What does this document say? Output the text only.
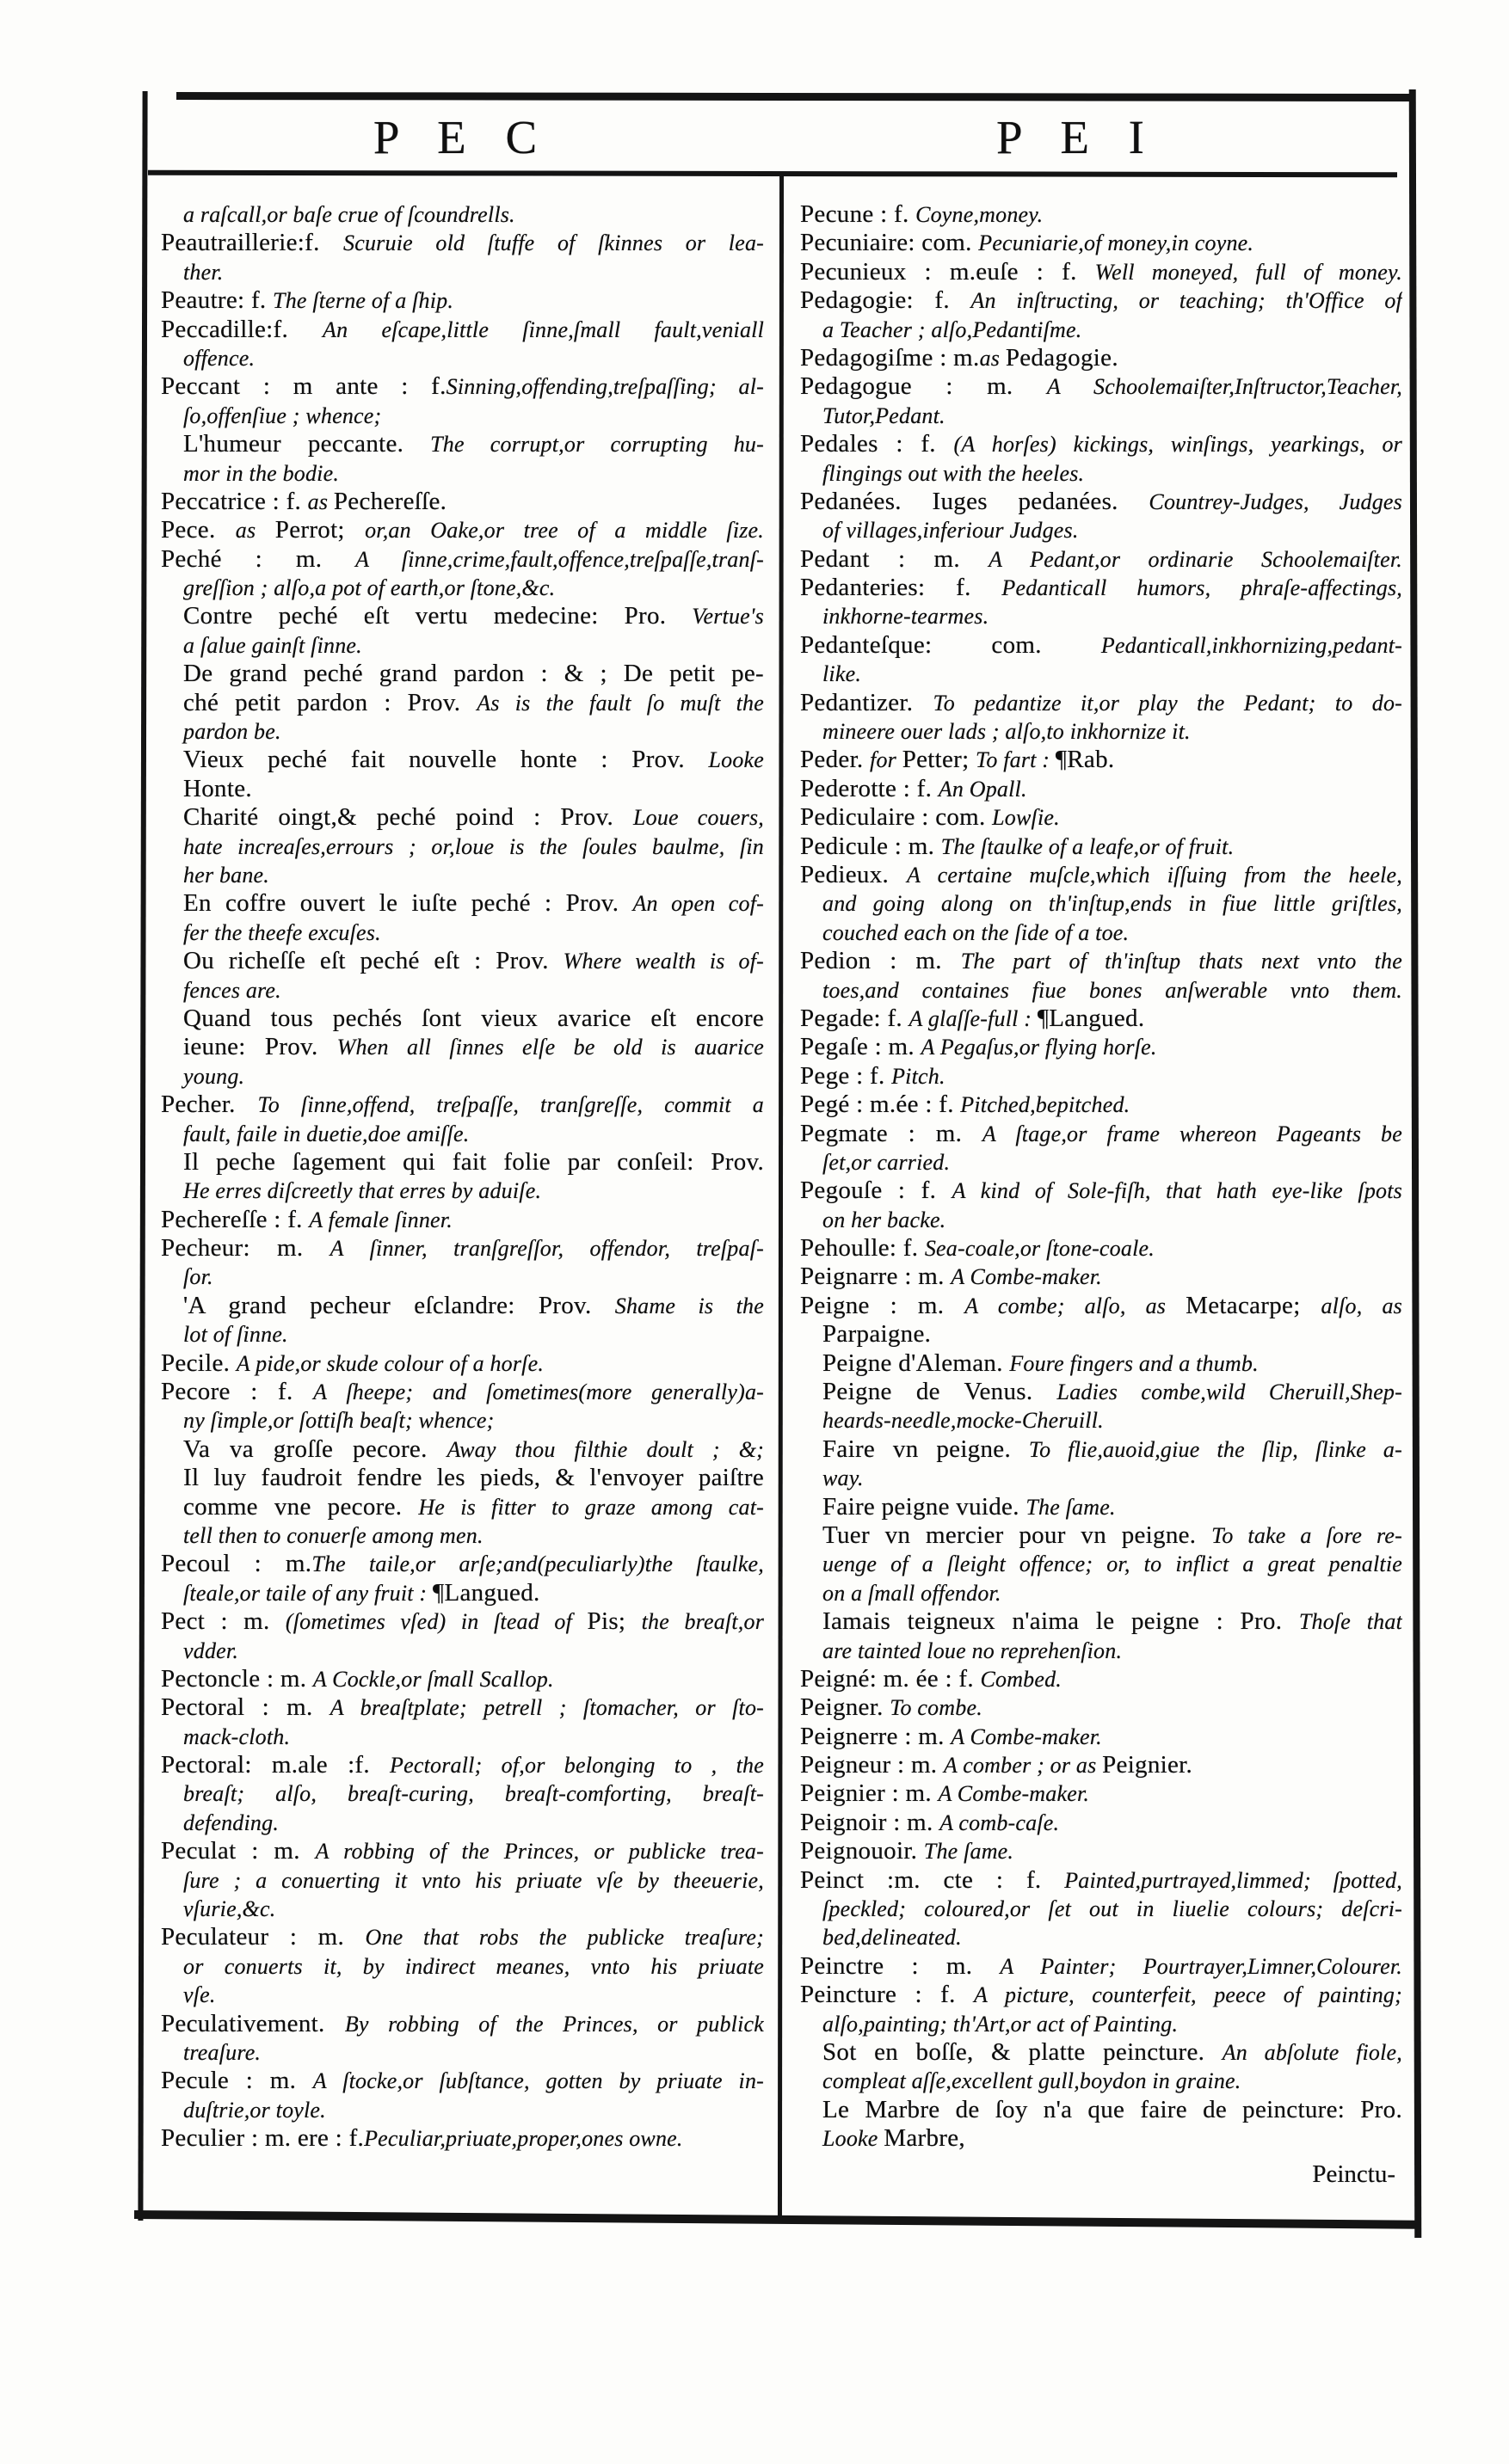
P E C	P E I
a raſcall,or baſe crue of ſcoundrells.
Peautraillerie:f. Scuruie old ſtuffe of ſkinnes or lea-
ther.
Peautre: f. The ſterne of a ſhip.
Peccadille:f. An eſcape,little ſinne,ſmall fault,veniall
offence.
Peccant : m ante : f.Sinning,offending,treſpaſſing; al-
ſo,offenſiue ; whence;
L'humeur peccante. The corrupt,or corrupting hu-
mor in the bodie.
Peccatrice : f. as Pechereſſe.
Pece. as Perrot; or,an Oake,or tree of a middle ſize.
Peché : m. A ſinne,crime,fault,offence,treſpaſſe,tranſ-
greſſion ; alſo,a pot of earth,or ſtone,&c.
Contre peché eſt vertu medecine: Pro. Vertue's
a ſalue gainſt ſinne.
De grand peché grand pardon : & ; De petit pe-
ché petit pardon : Prov. As is the fault ſo muſt the
pardon be.
Vieux peché fait nouvelle honte : Prov. Looke
Honte.
Charité oingt,& peché poind : Prov. Loue couers,
hate increaſes,errours ; or,loue is the ſoules baulme, ſin
her bane.
En coffre ouvert le iuſte peché : Prov. An open cof-
fer the theefe excuſes.
Ou richeſſe eſt peché eſt : Prov. Where wealth is of-
fences are.
Quand tous pechés ſont vieux avarice eſt encore
ieune: Prov. When all ſinnes elſe be old is auarice
young.
Pecher. To ſinne,offend, treſpaſſe, tranſgreſſe, commit a
fault, faile in duetie,doe amiſſe.
Il peche ſagement qui fait folie par conſeil: Prov.
He erres diſcreetly that erres by aduiſe.
Pechereſſe : f. A female ſinner.
Pecheur: m. A ſinner, tranſgreſſor, offendor, treſpaſ-
ſor.
'A grand pecheur eſclandre: Prov. Shame is the
lot of ſinne.
Pecile. A pide,or skude colour of a horſe.
Pecore : f. A ſheepe; and ſometimes(more generally)a-
ny ſimple,or ſottiſh beaſt; whence;
Va va groſſe pecore. Away thou filthie doult ; &;
Il luy faudroit fendre les pieds, & l'envoyer paiſtre
comme vne pecore. He is fitter to graze among cat-
tell then to conuerſe among men.
Pecoul : m.The taile,or arſe;and(peculiarly)the ſtaulke,
ſteale,or taile of any fruit : ¶Langued.
Pect : m. (ſometimes vſed) in ſtead of Pis; the breaſt,or
vdder.
Pectoncle : m. A Cockle,or ſmall Scallop.
Pectoral : m. A breaſtplate; petrell ; ſtomacher, or ſto-
mack-cloth.
Pectoral: m.ale :f. Pectorall; of,or belonging to , the
breaſt; alſo, breaſt-curing, breaſt-comforting, breaſt-
defending.
Peculat : m. A robbing of the Princes, or publicke trea-
ſure ; a conuerting it vnto his priuate vſe by theeuerie,
vſurie,&c.
Peculateur : m. One that robs the publicke treaſure;
or conuerts it, by indirect meanes, vnto his priuate
vſe.
Peculativement. By robbing of the Princes, or publick
treaſure.
Pecule : m. A ſtocke,or ſubſtance, gotten by priuate in-
duſtrie,or toyle.
Peculier : m. ere : f.Peculiar,priuate,proper,ones owne.
Pecune : f. Coyne,money.
Pecuniaire: com. Pecuniarie,of money,in coyne.
Pecunieux : m.euſe : f. Well moneyed, full of money.
Pedagogie: f. An inſtructing, or teaching; th'Office of
a Teacher ; alſo,Pedantiſme.
Pedagogiſme : m.as Pedagogie.
Pedagogue : m. A Schoolemaiſter,Inſtructor,Teacher,
Tutor,Pedant.
Pedales : f. (A horſes) kickings, winſings, yearkings, or
flingings out with the heeles.
Pedanées. Iuges pedanées. Countrey-Judges, Judges
of villages,inferiour Judges.
Pedant : m. A Pedant,or ordinarie Schoolemaiſter.
Pedanteries: f. Pedanticall humors, phraſe-affectings,
inkhorne-tearmes.
Pedanteſque: com. Pedanticall,inkhornizing,pedant-
like.
Pedantizer. To pedantize it,or play the Pedant; to do-
mineere ouer lads ; alſo,to inkhornize it.
Peder. for Petter; To fart : ¶Rab.
Pederotte : f. An Opall.
Pediculaire : com. Lowſie.
Pedicule : m. The ſtaulke of a leafe,or of fruit.
Pedieux. A certaine muſcle,which iſſuing from the heele,
and going along on th'inſtup,ends in fiue little griſtles,
couched each on the ſide of a toe.
Pedion : m. The part of th'inſtup thats next vnto the
toes,and containes fiue bones anſwerable vnto them.
Pegade: f. A glaſſe-full : ¶Langued.
Pegaſe : m. A Pegaſus,or flying horſe.
Pege : f. Pitch.
Pegé : m.ée : f. Pitched,bepitched.
Pegmate : m. A ſtage,or frame whereon Pageants be
ſet,or carried.
Pegouſe : f. A kind of Sole-fiſh, that hath eye-like ſpots
on her backe.
Pehoulle: f. Sea-coale,or ſtone-coale.
Peignarre : m. A Combe-maker.
Peigne : m. A combe; alſo, as Metacarpe; alſo, as
Parpaigne.
Peigne d'Aleman. Foure fingers and a thumb.
Peigne de Venus. Ladies combe,wild Cheruill,Shep-
heards-needle,mocke-Cheruill.
Faire vn peigne. To flie,auoid,giue the ſlip, ſlinke a-
way.
Faire peigne vuide. The ſame.
Tuer vn mercier pour vn peigne. To take a ſore re-
uenge of a ſleight offence; or, to inflict a great penaltie
on a ſmall offendor.
Iamais teigneux n'aima le peigne : Pro. Thoſe that
are tainted loue no reprehenſion.
Peigné: m. ée : f. Combed.
Peigner. To combe.
Peignerre : m. A Combe-maker.
Peigneur : m. A comber ; or as Peignier.
Peignier : m. A Combe-maker.
Peignoir : m. A comb-caſe.
Peignouoir. The ſame.
Peinct :m. cte : f. Painted,purtrayed,limmed; ſpotted,
ſpeckled; coloured,or ſet out in liuelie colours; deſcri-
bed,delineated.
Peinctre : m. A Painter; Pourtrayer,Limner,Colourer.
Peincture : f. A picture, counterfeit, peece of painting;
alſo,painting; th'Art,or act of Painting.
Sot en boſſe, & platte peincture. An abſolute fiole,
compleat aſſe,excellent gull,boydon in graine.
Le Marbre de ſoy n'a que faire de peincture: Pro.
Looke Marbre,
Peinctu-
